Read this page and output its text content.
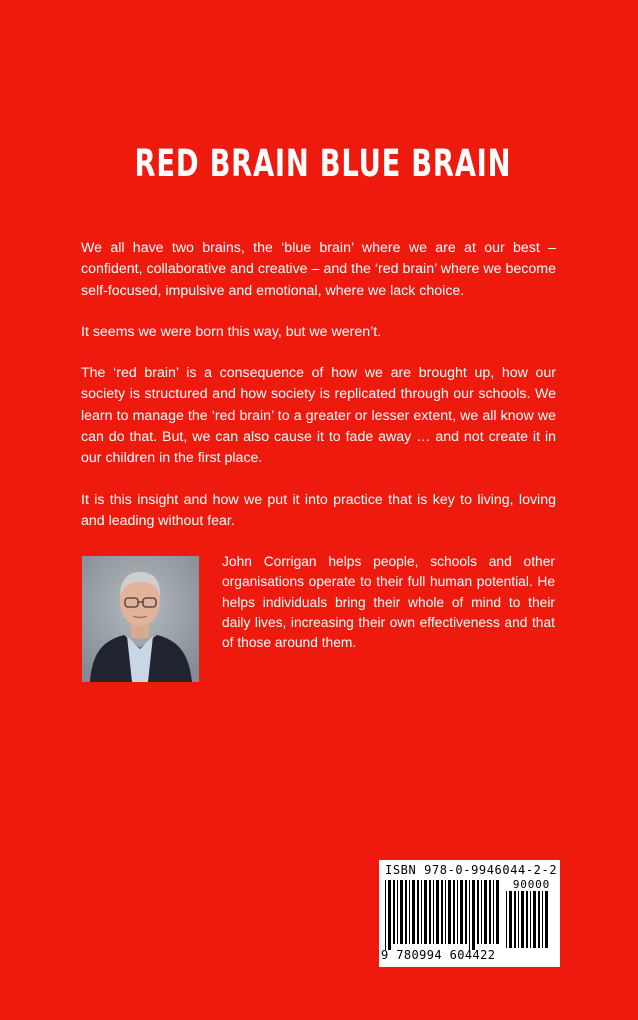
RED BRAIN BLUE BRAIN

We all have two brains, the ‘blue brain’ where we are at our best – confident, collaborative and creative – and the ‘red brain’ where we become self-focused, impulsive and emotional, where we lack choice.

It seems we were born this way, but we weren’t.

The ‘red brain’ is a consequence of how we are brought up, how our society is structured and how society is replicated through our schools. We learn to manage the ‘red brain’ to a greater or lesser extent, we all know we can do that. But, we can also cause it to fade away … and not create it in our children in the first place.

It is this insight and how we put it into practice that is key to living, loving and leading without fear.

John Corrigan helps people, schools and other organisations operate to their full human potential. He helps individuals bring their whole of mind to their daily lives, increasing their own effectiveness and that of those around them.
ISBN 978-0-9946044-2-2
90000
9 780994 604422
